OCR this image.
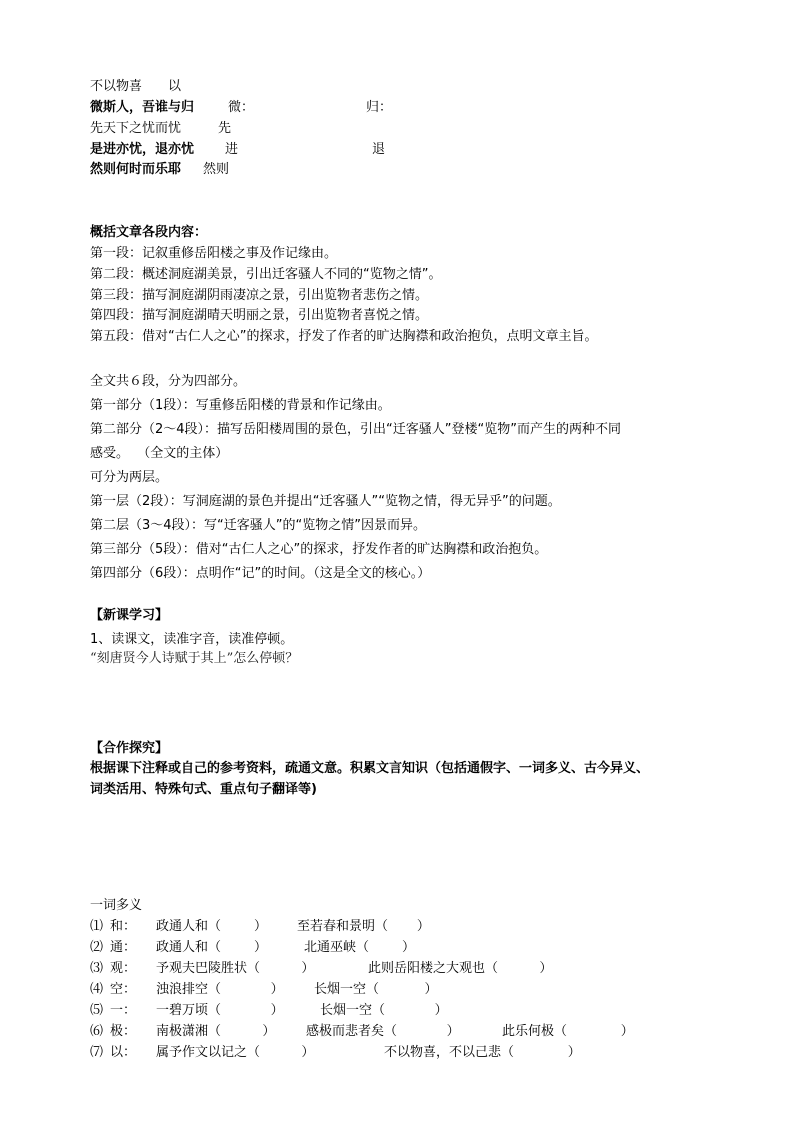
不以物喜 以
微斯人，吾谁与归	微：	归：
先天下之忧而忧	先
是进亦忧，退亦忧 进	退
然则何时而乐耶 然则
概括文章各段内容：
第一段：记叙重修岳阳楼之事及作记缘由。
第二段：概述洞庭湖美景，引出迁客骚人不同的“览物之情”。
第三段：描写洞庭湖阴雨凄凉之景，引出览物者悲伤之情。
第四段：描写洞庭湖晴天明丽之景，引出览物者喜悦之情。
第五段：借对“古仁人之心”的探求，抒发了作者的旷达胸襟和政治抱负，点明文章主旨。
全文共６段，分为四部分。
第一部分（1段）：写重修岳阳楼的背景和作记缘由。
第二部分（2～4段）：描写岳阳楼周围的景色，引出“迁客骚人”登楼“览物”而产生的两种不同
感受。  （全文的主体）
可分为两层。
第一层（2段）：写洞庭湖的景色并提出“迁客骚人”“览物之情，得无异乎”的问题。
第二层（3～4段）：写“迁客骚人”的“览物之情”因景而异。
第三部分（5段）：借对“古仁人之心”的探求，抒发作者的旷达胸襟和政治抱负。
第四部分（6段）：点明作“记”的时间。（这是全文的核心。）
【新课学习】
1、读课文，读准字音，读准停顿。
“刻唐贤今人诗赋于其上”怎么停顿？
【合作探究】
根据课下注释或自己的参考资料，疏通文意。积累文言知识（包括通假字、一词多义、古今异义、
词类活用、特殊句式、重点句子翻译等)
一词多义
⑴ 和： 政通人和（        ） 至若春和景明（       ）
⑵ 通： 政通人和（        ）	北通巫峡（        ）
⑶ 观： 予观夫巴陵胜状（          ）	此则岳阳楼之大观也（          ）
⑷ 空： 浊浪排空（            ） 长烟一空（           ）
⑸ 一： 一碧万顷（            ）	长烟一空（            ）
⑹ 极： 南极潇湘（          ） 感极而悲者矣（            ）	此乐何极（             ）
⑺ 以： 属予作文以记之（          ）	不以物喜，不以己悲（             ）
